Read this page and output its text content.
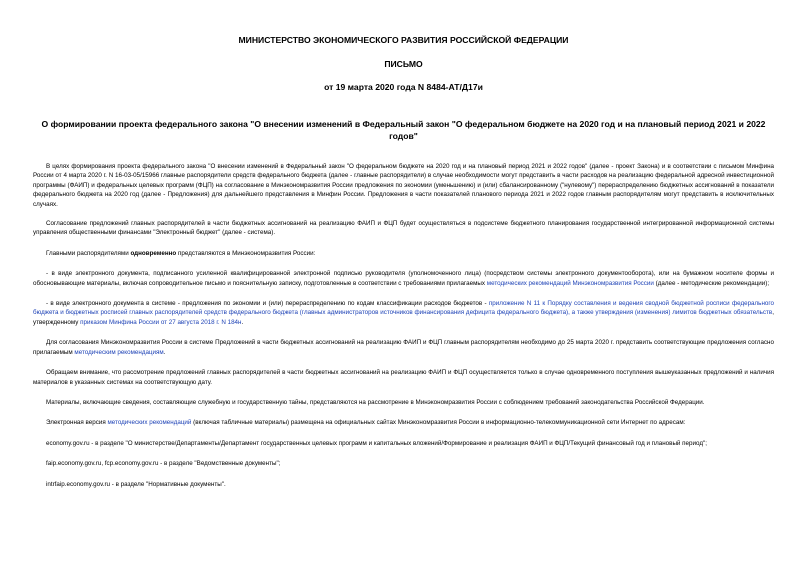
МИНИСТЕРСТВО ЭКОНОМИЧЕСКОГО РАЗВИТИЯ РОССИЙСКОЙ ФЕДЕРАЦИИ
ПИСЬМО
от 19 марта 2020 года N 8484-АТ/Д17и
О формировании проекта федерального закона "О внесении изменений в Федеральный закон "О федеральном бюджете на 2020 год и на плановый период 2021 и 2022 годов"

В целях формирования проекта федерального закона "О внесении изменений в Федеральный закон "О федеральном бюджете на 2020 год и на плановый период 2021 и 2022 годов" (далее - проект Закона) и в соответствии с письмом Минфина России от 4 марта 2020 г. N 16-03-05/15966 главные распорядители средств федерального бюджета (далее - главные распорядители) в случае необходимости могут представить в части расходов на реализацию федеральной адресной инвестиционной программы (ФАИП) и федеральных целевых программ (ФЦП) на согласование в Минэкономразвития России предложения по экономии (уменьшению) и (или) сбалансированному ("нулевому") перераспределению бюджетных ассигнований в показатели федерального бюджета на 2020 год (далее - Предложения) для дальнейшего представления в Минфин России. Предложения в части показателей планового периода 2021 и 2022 годов главным распорядителям могут представить в исключительных случаях.

Согласование предложений главных распорядителей в части бюджетных ассигнований на реализацию ФАИП и ФЦП будет осуществляться в подсистеме бюджетного планирования государственной интегрированной информационной системы управления общественными финансами "Электронный бюджет" (далее - система).

Главными распорядителями одновременно представляются в Минэкономразвития России:

- в виде электронного документа, подписанного усиленной квалифицированной электронной подписью руководителя (уполномоченного лица) (посредством системы электронного документооборота), или на бумажном носителе формы и обосновывающие материалы, включая сопроводительное письмо и пояснительную записку, подготовленные в соответствии с требованиями прилагаемых методических рекомендаций Минэкономразвития России (далее - методические рекомендации);

- в виде электронного документа в системе - предложения по экономии и (или) перераспределению по кодам классификации расходов бюджетов - приложение N 11 к Порядку составления и ведения сводной бюджетной росписи федерального бюджета и бюджетных росписей главных распорядителей средств федерального бюджета (главных администраторов источников финансирования дефицита федерального бюджета), а также утверждения (изменения) лимитов бюджетных обязательств, утвержденному приказом Минфина России от 27 августа 2018 г. N 184н.

Для согласования Минэкономразвития России в системе Предложений в части бюджетных ассигнований на реализацию ФАИП и ФЦП главным распорядителям необходимо до 25 марта 2020 г. представить соответствующие предложения согласно прилагаемым методическим рекомендациям.

Обращаем внимание, что рассмотрение предложений главных распорядителей в части бюджетных ассигнований на реализацию ФАИП и ФЦП осуществляется только в случае одновременного поступления вышеуказанных предложений и наличия материалов в указанных системах на соответствующую дату.

Материалы, включающие сведения, составляющие служебную и государственную тайны, представляются на рассмотрение в Минэкономразвития России с соблюдением требований законодательства Российской Федерации.

Электронная версия методических рекомендаций (включая табличные материалы) размещена на официальных сайтах Минэкономразвития России в информационно-телекоммуникационной сети Интернет по адресам:

economy.gov.ru - в разделе "О министерстве/Департаменты/Департамент государственных целевых программ и капитальных вложений/Формирование и реализация ФАИП и ФЦП/Текущий финансовый год и плановый период";

faip.economy.gov.ru, fcp.economy.gov.ru - в разделе "Ведомственные документы";

intrfaip.economy.gov.ru - в разделе "Нормативные документы".
